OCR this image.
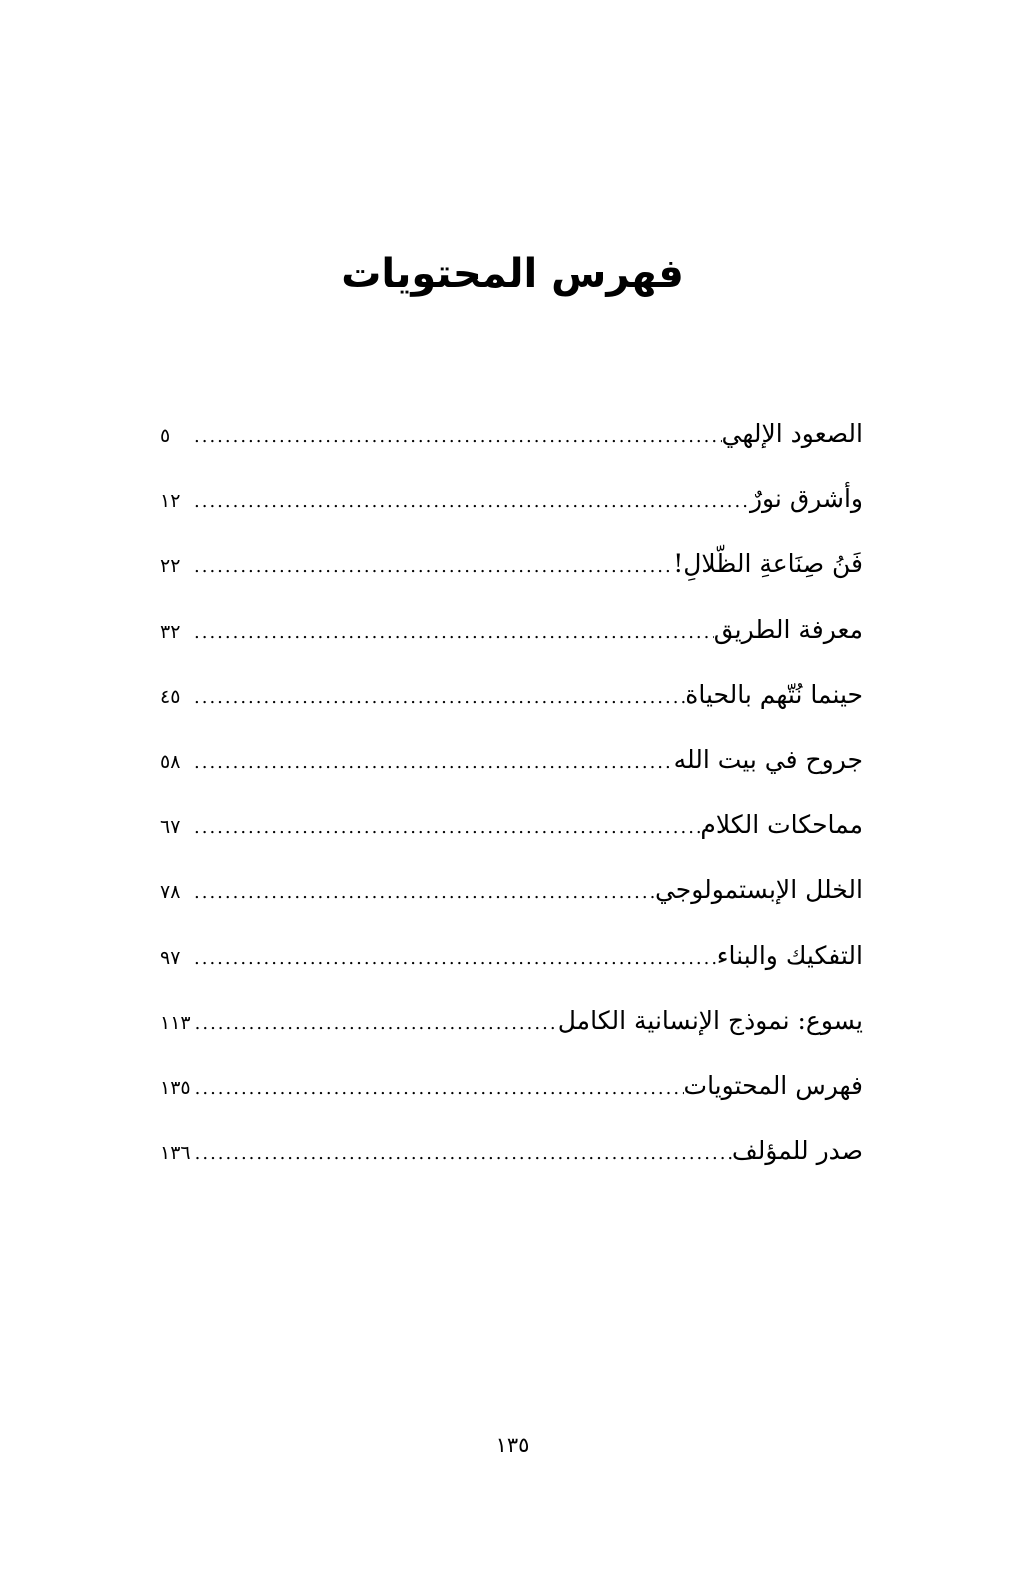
فهرس المحتويات
الصعود الإلهي
.....
٥
وأشرق نورٌ
.....
١٢
فَنُ صِنَاعةِ الظّلالِ!
.....
٢٢
معرفة الطريق
.....
٣٢
حينما نُتّهم بالحياة
.....
٤٥
جروح في بيت الله
.....
٥٨
مماحكات الكلام
.....
٦٧
الخلل الإبستمولوجي
.....
٧٨
التفكيك والبناء
.....
٩٧
يسوع: نموذج الإنسانية الكامل
.....
١١٣
فهرس المحتويات
.....
١٣٥
صدر للمؤلف
.....
١٣٦
١٣٥
